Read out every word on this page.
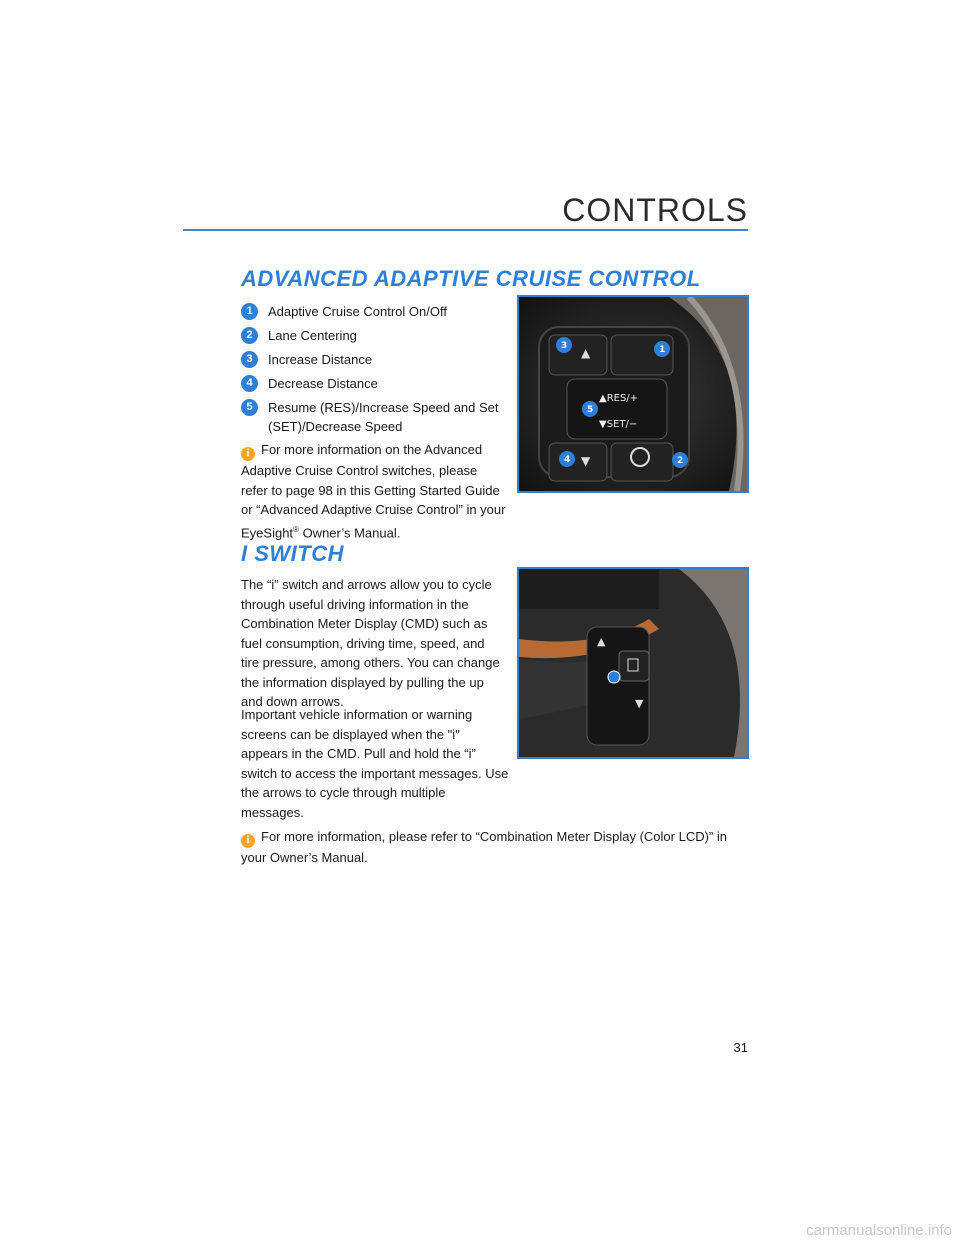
CONTROLS
ADVANCED ADAPTIVE CRUISE CONTROL
1	Adaptive Cruise Control On/Off
2	Lane Centering
3	Increase Distance
4	Decrease Distance
5	Resume (RES)/Increase Speed and Set (SET)/Decrease Speed
i For more information on the Advanced Adaptive Cruise Control switches, please refer to page 98 in this Getting Started Guide or “Advanced Adaptive Cruise Control” in your EyeSight® Owner’s Manual.
▲
▼
▲RES/+
▼SET/−
3	1
5
4	2
I SWITCH
The “i” switch and arrows allow you to cycle through useful driving information in the Combination Meter Display (CMD) such as fuel consumption, driving time, speed, and tire pressure, among others. You can change the information displayed by pulling the up and down arrows.
Important vehicle information or warning screens can be displayed when the "i" appears in the CMD. Pull and hold the “i” switch to access the important messages. Use the arrows to cycle through multiple messages.
▲
▼
i For more information, please refer to “Combination Meter Display (Color LCD)” in your Owner’s Manual.
31
carmanualsonline.info
